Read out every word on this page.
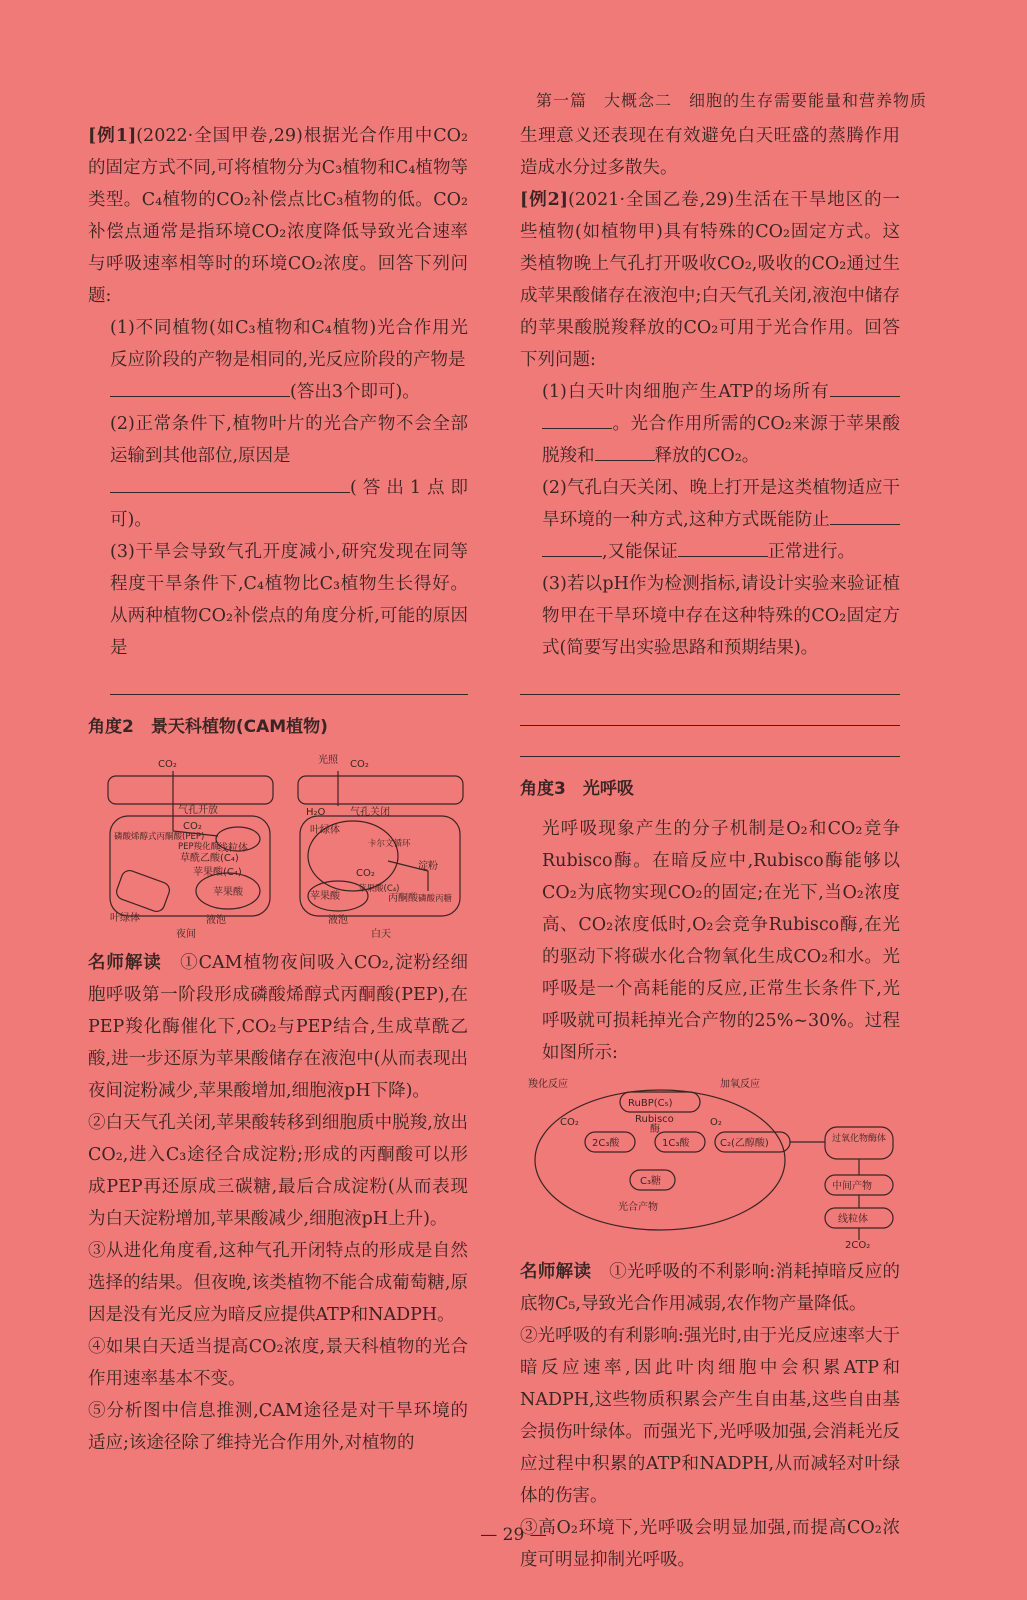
第一篇　大概念二　细胞的生存需要能量和营养物质

[例1](2022·全国甲卷,29)根据光合作用中CO₂的固定方式不同,可将植物分为C₃植物和C₄植物等类型。C₄植物的CO₂补偿点比C₃植物的低。CO₂补偿点通常是指环境CO₂浓度降低导致光合速率与呼吸速率相等时的环境CO₂浓度。回答下列问题:

(1)不同植物(如C₃植物和C₄植物)光合作用光反应阶段的产物是相同的,光反应阶段的产物是

(答出3个即可)。

(2)正常条件下,植物叶片的光合产物不会全部运输到其他部位,原因是

(答出1点即可)。

(3)干旱会导致气孔开度减小,研究发现在同等程度干旱条件下,C₄植物比C₃植物生长得好。从两种植物CO₂补偿点的角度分析,可能的原因是

角度2　景天科植物(CAM植物)
CO₂
气孔开放
CO₂
线粒体
磷酸烯醇式丙酮酸(PEP)
PEP羧化酶
草酰乙酸(C₄)
苹果酸(C₄)
苹果酸
叶绿体	液泡
夜间
光照 CO₂
H₂O 气孔关闭
叶绿体
卡尔文循环
CO₂
淀粉
苹果酸
苹果酸(C₄)
丙酮酸 磷酸丙糖
液泡
白天

名师解读　 ①CAM植物夜间吸入CO₂,淀粉经细胞呼吸第一阶段形成磷酸烯醇式丙酮酸(PEP),在PEP羧化酶催化下,CO₂与PEP结合,生成草酰乙酸,进一步还原为苹果酸储存在液泡中(从而表现出夜间淀粉减少,苹果酸增加,细胞液pH下降)。

②白天气孔关闭,苹果酸转移到细胞质中脱羧,放出CO₂,进入C₃途径合成淀粉;形成的丙酮酸可以形成PEP再还原成三碳糖,最后合成淀粉(从而表现为白天淀粉增加,苹果酸减少,细胞液pH上升)。

③从进化角度看,这种气孔开闭特点的形成是自然选择的结果。但夜晚,该类植物不能合成葡萄糖,原因是没有光反应为暗反应提供ATP和NADPH。

④如果白天适当提高CO₂浓度,景天科植物的光合作用速率基本不变。

⑤分析图中信息推测,CAM途径是对干旱环境的适应;该途径除了维持光合作用外,对植物的

生理意义还表现在有效避免白天旺盛的蒸腾作用造成水分过多散失。

[例2](2021·全国乙卷,29)生活在干旱地区的一些植物(如植物甲)具有特殊的CO₂固定方式。这类植物晚上气孔打开吸收CO₂,吸收的CO₂通过生成苹果酸储存在液泡中;白天气孔关闭,液泡中储存的苹果酸脱羧释放的CO₂可用于光合作用。回答下列问题:

(1)白天叶肉细胞产生ATP的场所有。光合作用所需的CO₂来源于苹果酸脱羧和	释放的CO₂。

(2)气孔白天关闭、晚上打开是这类植物适应干旱环境的一种方式,这种方式既能防止,又能保证	正常进行。

(3)若以pH作为检测指标,请设计实验来验证植物甲在干旱环境中存在这种特殊的CO₂固定方式(简要写出实验思路和预期结果)。

角度3　光呼吸

光呼吸现象产生的分子机制是O₂和CO₂竞争Rubisco酶。在暗反应中,Rubisco酶能够以CO₂为底物实现CO₂的固定;在光下,当O₂浓度高、CO₂浓度低时,O₂会竞争Rubisco酶,在光的驱动下将碳水化合物氧化生成CO₂和水。光呼吸是一个高耗能的反应,正常生长条件下,光呼吸就可损耗掉光合产物的25%~30%。过程如图所示:

羧化反应	加氧反应
RuBP(C₅)
CO₂	O₂
Rubisco
酶
2C₃酸	1C₃酸	C₂(乙醇酸)
C₃糖
光合产物
过氧化物酶体
中间产物
线粒体
2CO₂

名师解读　 ①光呼吸的不利影响:消耗掉暗反应的底物C₅,导致光合作用减弱,农作物产量降低。

②光呼吸的有利影响:强光时,由于光反应速率大于暗反应速率,因此叶肉细胞中会积累ATP和NADPH,这些物质积累会产生自由基,这些自由基会损伤叶绿体。而强光下,光呼吸加强,会消耗光反应过程中积累的ATP和NADPH,从而减轻对叶绿体的伤害。

③高O₂环境下,光呼吸会明显加强,而提高CO₂浓度可明显抑制光呼吸。

— 29 —
